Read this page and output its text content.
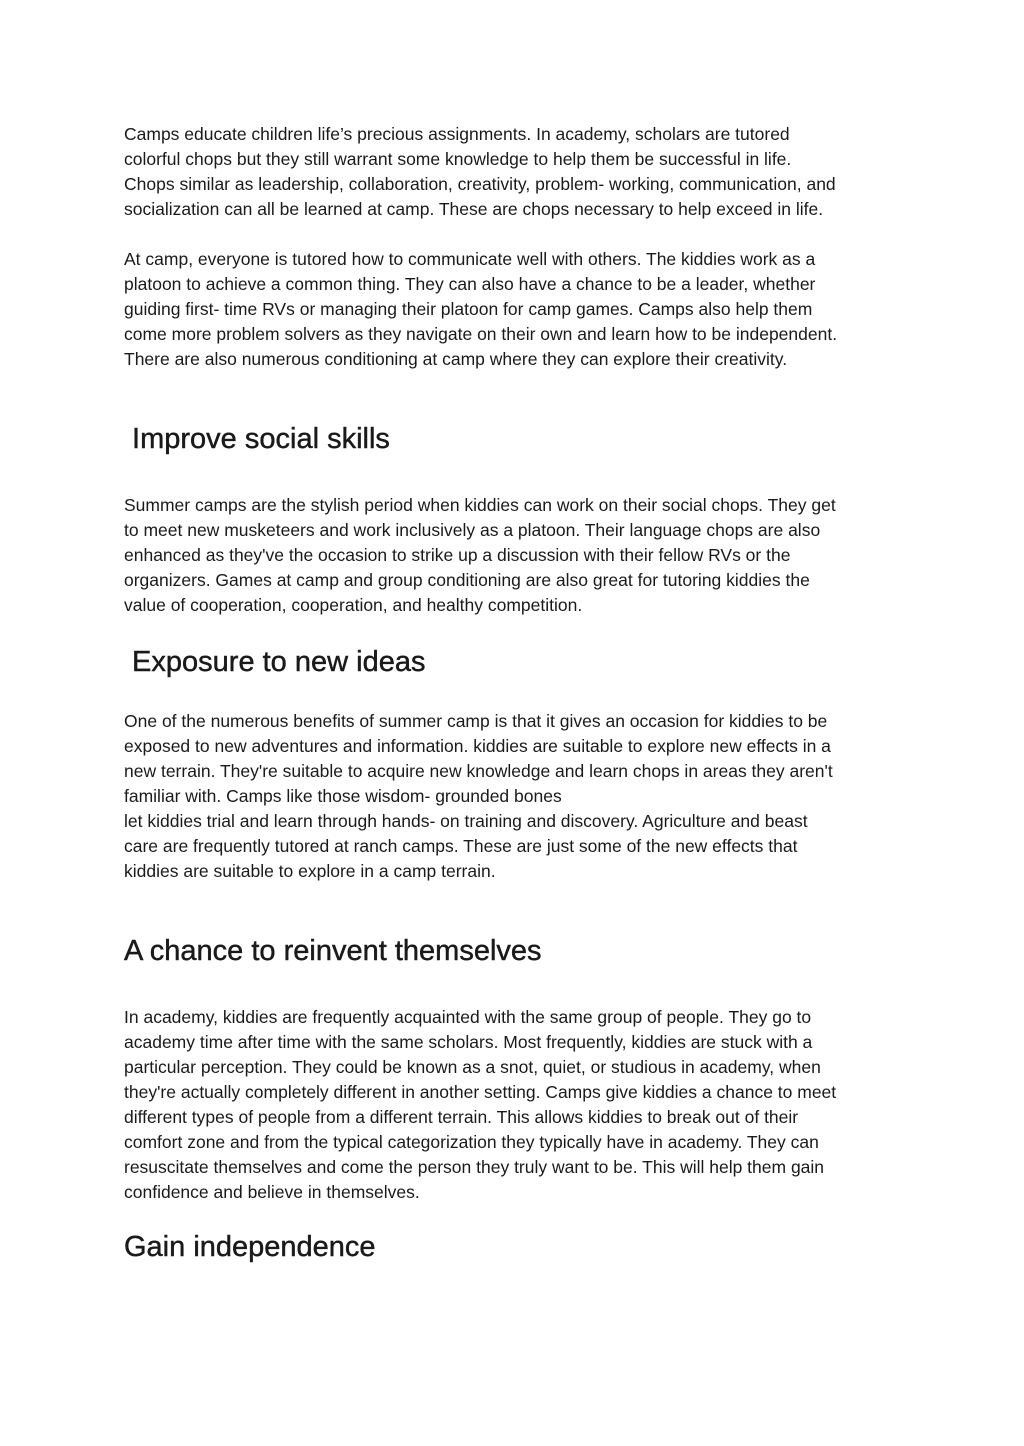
Camps educate children life’s precious assignments. In academy, scholars are tutored
colorful chops but they still warrant some knowledge to help them be successful in life.
Chops similar as leadership, collaboration, creativity, problem- working, communication, and
socialization can all be learned at camp. These are chops necessary to help exceed in life.

At camp, everyone is tutored how to communicate well with others. The kiddies work as a
platoon to achieve a common thing. They can also have a chance to be a leader, whether
guiding first- time RVs or managing their platoon for camp games. Camps also help them
come more problem solvers as they navigate on their own and learn how to be independent.
There are also numerous conditioning at camp where they can explore their creativity.

Improve social skills

Summer camps are the stylish period when kiddies can work on their social chops. They get
to meet new musketeers and work inclusively as a platoon. Their language chops are also
enhanced as they've the occasion to strike up a discussion with their fellow RVs or the
organizers. Games at camp and group conditioning are also great for tutoring kiddies the
value of cooperation, cooperation, and healthy competition.

Exposure to new ideas

One of the numerous benefits of summer camp is that it gives an occasion for kiddies to be
exposed to new adventures and information. kiddies are suitable to explore new effects in a
new terrain. They're suitable to acquire new knowledge and learn chops in areas they aren't
familiar with. Camps like those wisdom- grounded bones
let kiddies trial and learn through hands- on training and discovery. Agriculture and beast
care are frequently tutored at ranch camps. These are just some of the new effects that
kiddies are suitable to explore in a camp terrain.

A chance to reinvent themselves

In academy, kiddies are frequently acquainted with the same group of people. They go to
academy time after time with the same scholars. Most frequently, kiddies are stuck with a
particular perception. They could be known as a snot, quiet, or studious in academy, when
they're actually completely different in another setting. Camps give kiddies a chance to meet
different types of people from a different terrain. This allows kiddies to break out of their
comfort zone and from the typical categorization they typically have in academy. They can
resuscitate themselves and come the person they truly want to be. This will help them gain
confidence and believe in themselves.

Gain independence
